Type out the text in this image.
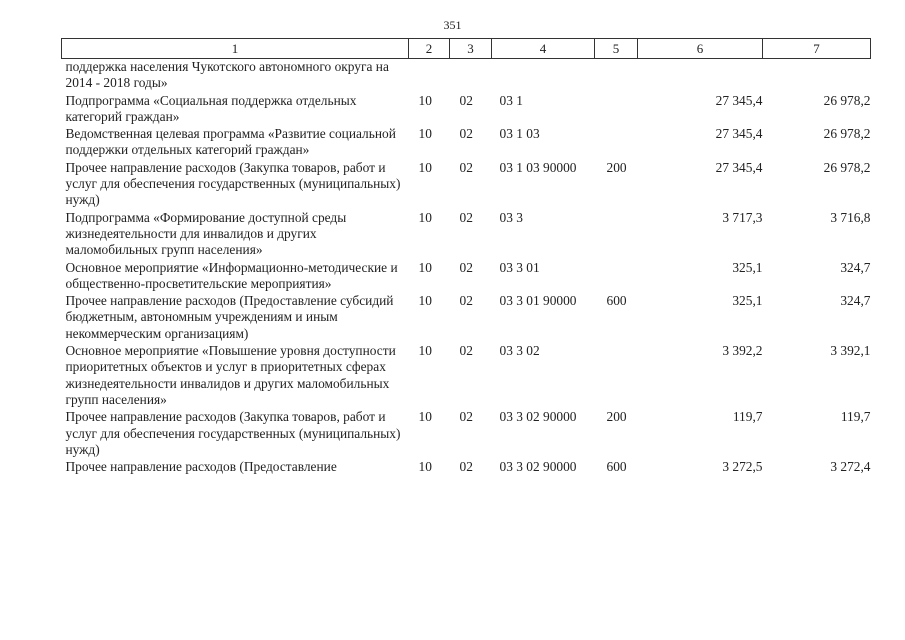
351
1	2	3	4	5	6	7
поддержка населения Чукотского автономного округа на 2014 - 2018 годы»						
Подпрограмма «Социальная поддержка отдельных категорий граждан»	10	02	03 1		27 345,4	26 978,2
Ведомственная целевая программа «Развитие социальной поддержки отдельных категорий граждан»	10	02	03 1 03		27 345,4	26 978,2
Прочее направление расходов (Закупка товаров, работ и услуг для обеспечения государственных (муниципальных) нужд)	10	02	03 1 03 90000	200	27 345,4	26 978,2
Подпрограмма «Формирование доступной среды жизнедеятельности для инвалидов и других маломобильных групп населения»	10	02	03 3		3 717,3	3 716,8
Основное мероприятие «Информационно-методические и общественно-просветительские мероприятия»	10	02	03 3 01		325,1	324,7
Прочее направление расходов (Предоставление субсидий бюджетным, автономным учреждениям и иным некоммерческим организациям)	10	02	03 3 01 90000	600	325,1	324,7
Основное мероприятие «Повышение уровня доступности приоритетных объектов и услуг в приоритетных сферах жизнедеятельности инвалидов и других маломобильных групп населения»	10	02	03 3 02		3 392,2	3 392,1
Прочее направление расходов (Закупка товаров, работ и услуг для обеспечения государственных (муниципальных) нужд)	10	02	03 3 02 90000	200	119,7	119,7
Прочее направление расходов (Предоставление	10	02	03 3 02 90000	600	3 272,5	3 272,4
